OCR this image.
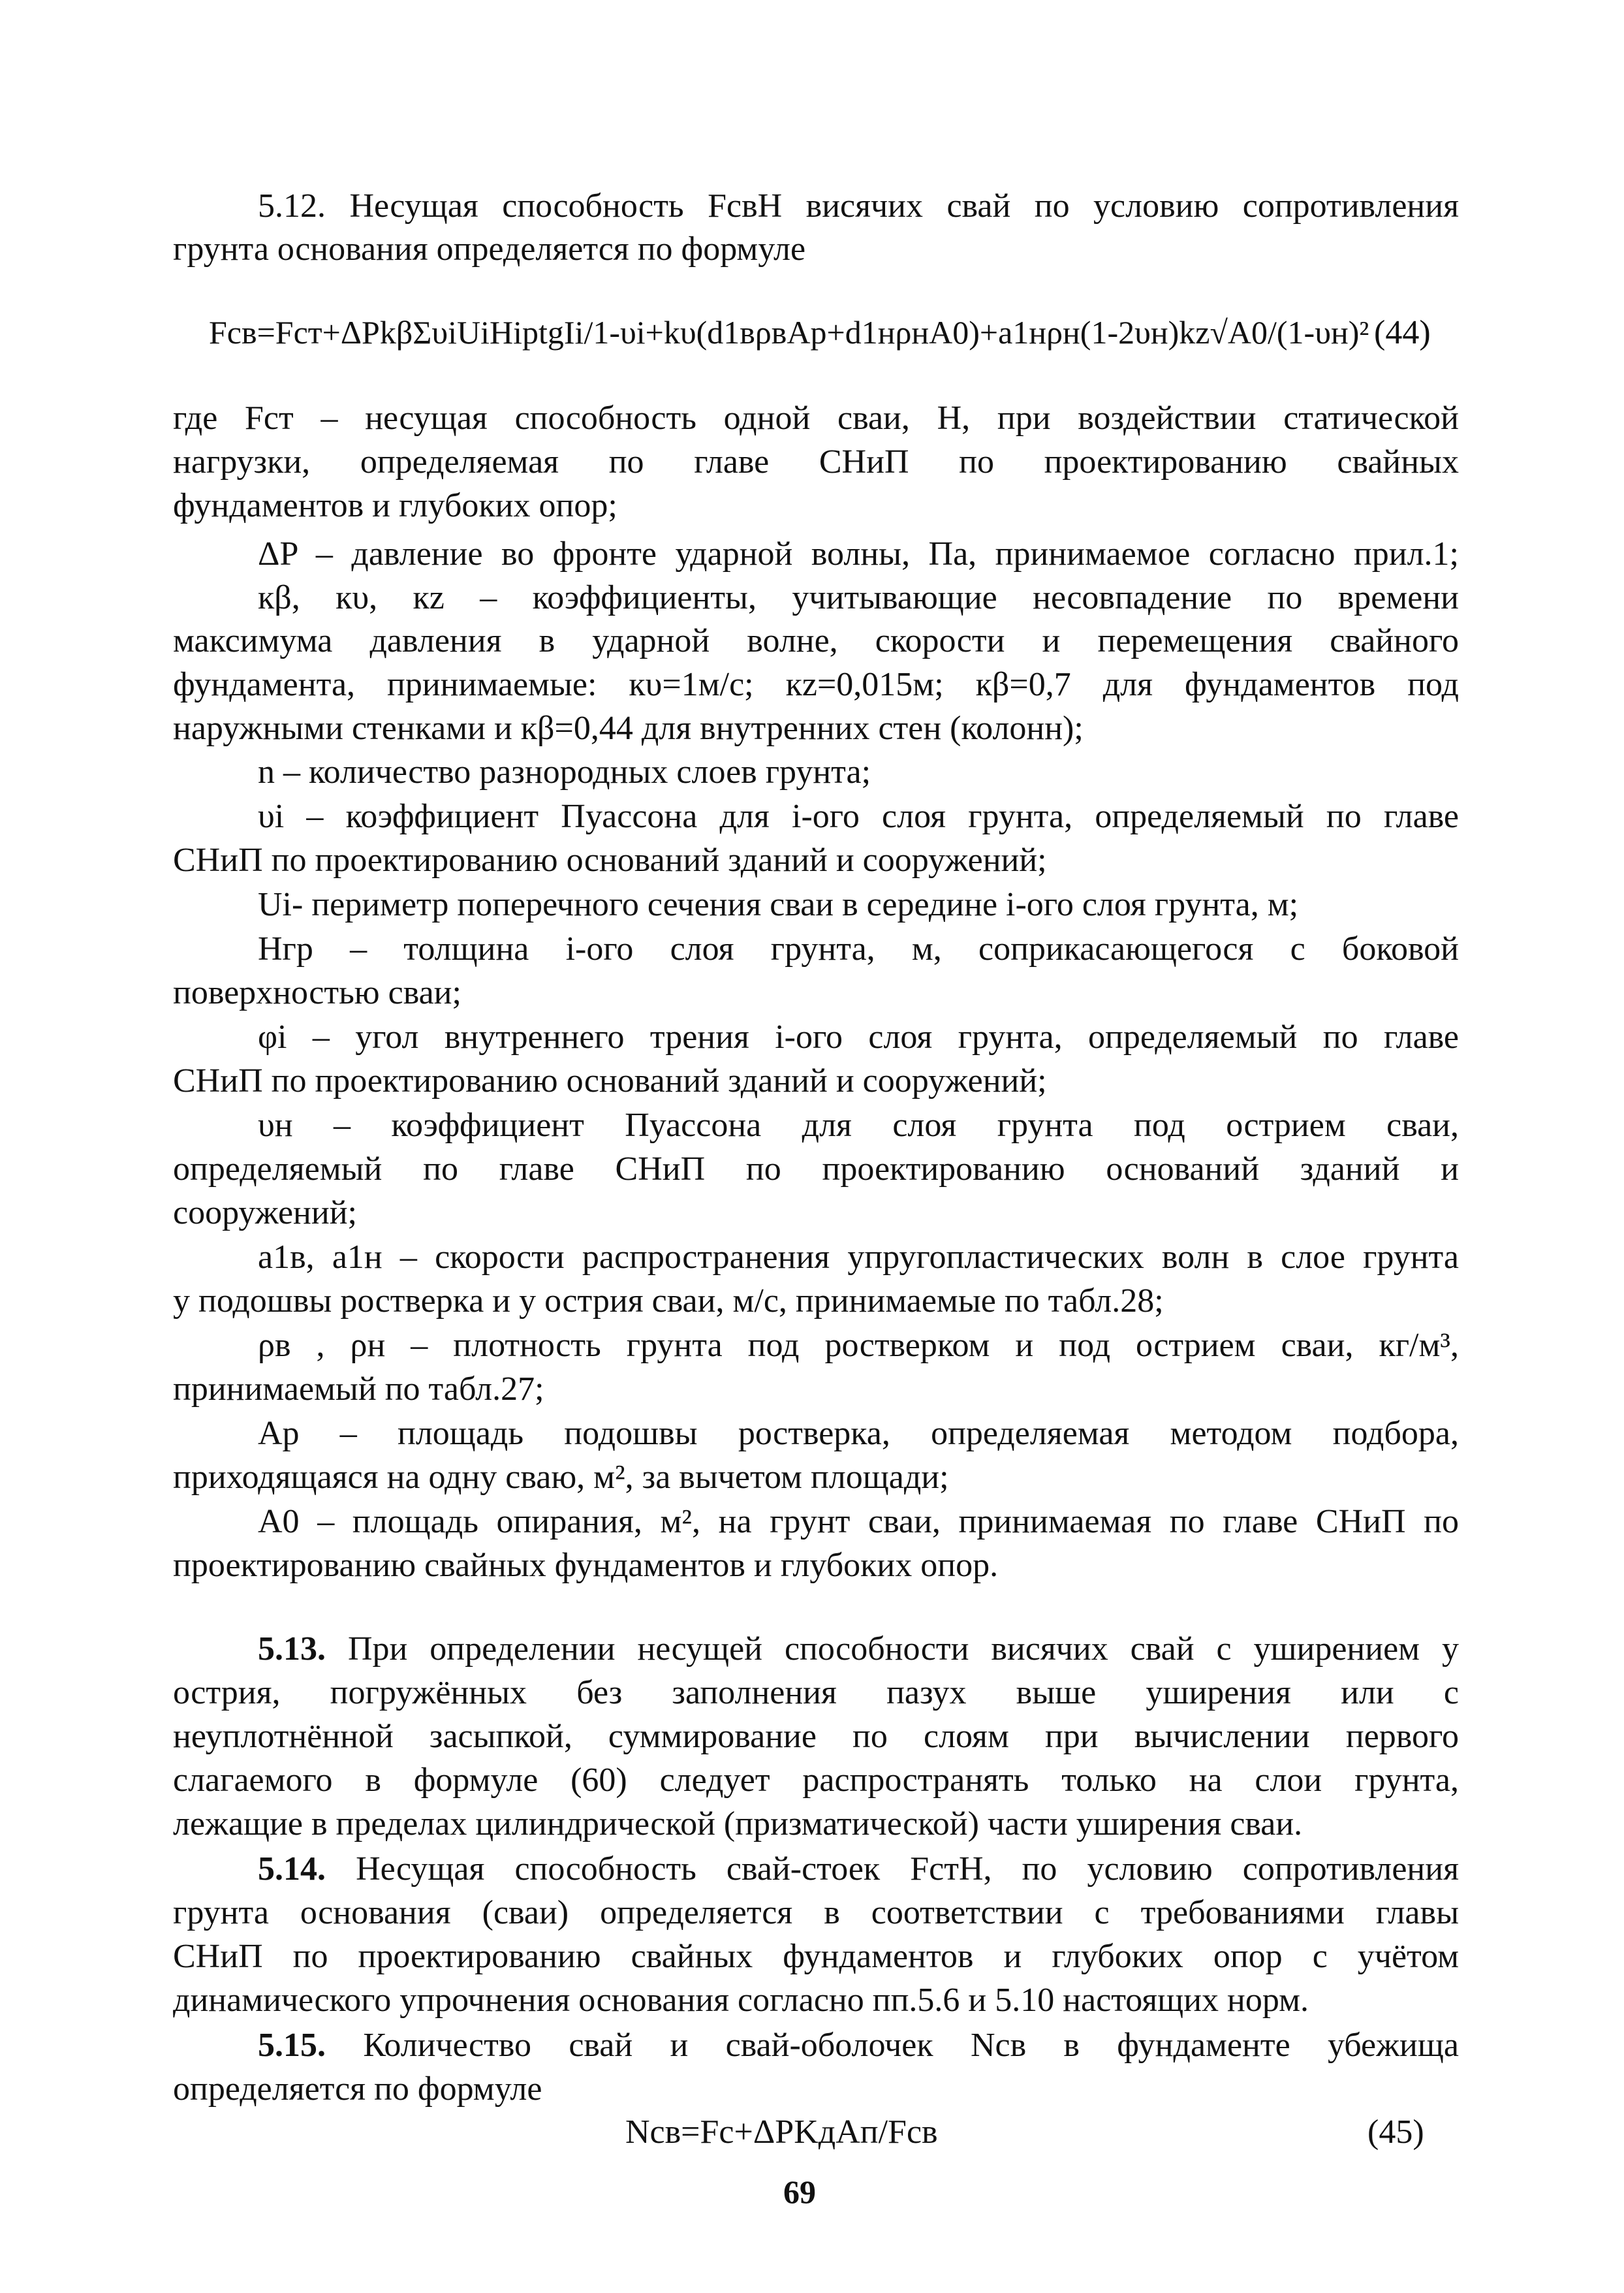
5.12. Несущая способность FсвН висячих свай по условию сопротивления
грунта основания определяется по формуле
Fсв=Fст+ΔPkβΣυiUiHiptgIi/1-υi+kυ(d1вρвAр+d1нρнA0)+a1нρн(1-2υн)kz√A0/(1-υн)² (44)
где Fст – несущая способность одной сваи, Н, при воздействии статической
нагрузки, определяемая по главе СНиП по проектированию свайных
фундаментов и глубоких опор;
ΔP – давление во фронте ударной волны, Па, принимаемое согласно прил.1;
кβ, кυ, кz – коэффициенты, учитывающие несовпадение по времени
максимума давления в ударной волне, скорости и перемещения свайного
фундамента, принимаемые: кυ=1м/с; кz=0,015м; кβ=0,7 для фундаментов под
наружными стенками и кβ=0,44 для внутренних стен (колонн);
n – количество разнородных слоев грунта;
υi – коэффициент Пуассона для i-ого слоя грунта, определяемый по главе
СНиП по проектированию оснований зданий и сооружений;
Ui- периметр поперечного сечения сваи в середине i-ого слоя грунта, м;
Hгр – толщина i-ого слоя грунта, м, соприкасающегося с боковой
поверхностью сваи;
φi – угол внутреннего трения i-ого слоя грунта, определяемый по главе
СНиП по проектированию оснований зданий и сооружений;
υн – коэффициент Пуассона для слоя грунта под острием сваи,
определяемый по главе СНиП по проектированию оснований зданий и
сооружений;
a1в, a1н – скорости распространения упругопластических волн в слое грунта
у подошвы ростверка и у острия сваи, м/с, принимаемые по табл.28;
ρв , ρн – плотность грунта под ростверком и под острием сваи, кг/м³,
принимаемый по табл.27;
Aр – площадь подошвы ростверка, определяемая методом подбора,
приходящаяся на одну сваю, м², за вычетом площади;
A0 – площадь опирания, м², на грунт сваи, принимаемая по главе СНиП по
проектированию свайных фундаментов и глубоких опор.
5.13. При определении несущей способности висячих свай с уширением у
острия, погружённых без заполнения пазух выше уширения или с
неуплотнённой засыпкой, суммирование по слоям при вычислении первого
слагаемого в формуле (60) следует распространять только на слои грунта,
лежащие в пределах цилиндрической (призматической) части уширения сваи.
5.14. Несущая способность свай-стоек FстН, по условию сопротивления
грунта основания (сваи) определяется в соответствии с требованиями главы
СНиП по проектированию свайных фундаментов и глубоких опор с учётом
динамического упрочнения основания согласно пп.5.6 и 5.10 настоящих норм.
5.15. Количество свай и свай-оболочек Nсв в фундаменте убежища
определяется по формуле
Nсв=Fс+ΔPKдAп/Fсв	(45)
69
